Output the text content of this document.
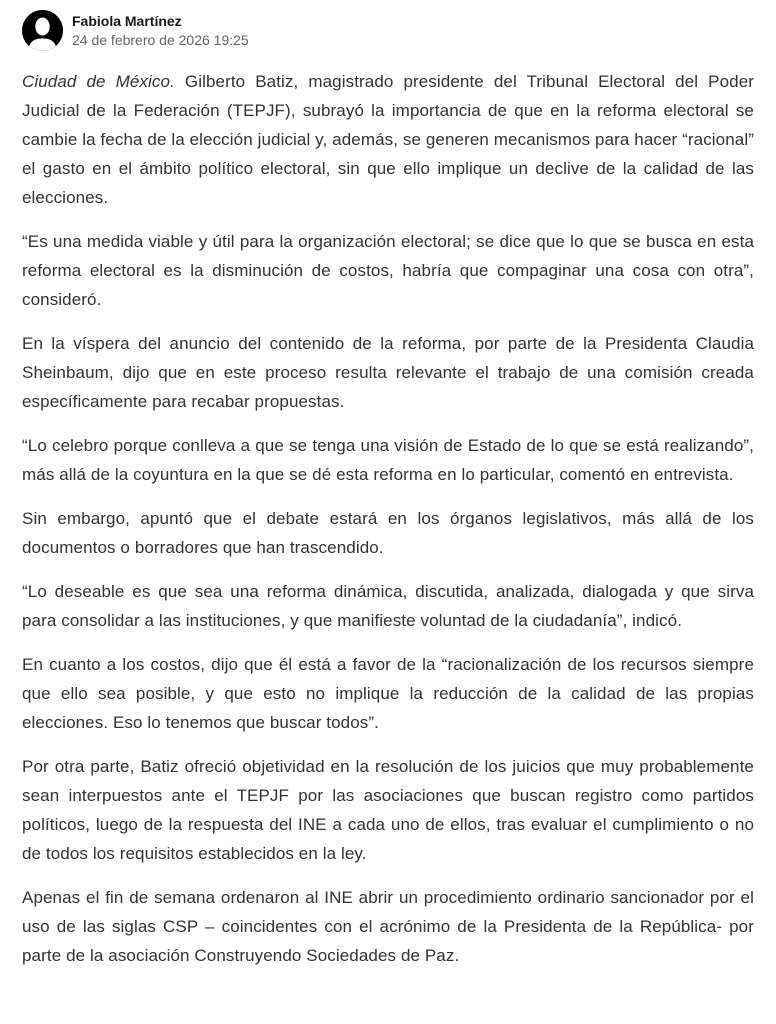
Fabiola Martínez
24 de febrero de 2026 19:25

Ciudad de México. Gilberto Batiz, magistrado presidente del Tribunal Electoral del Poder Judicial de la Federación (TEPJF), subrayó la importancia de que en la reforma electoral se cambie la fecha de la elección judicial y, además, se generen mecanismos para hacer “racional” el gasto en el ámbito político electoral, sin que ello implique un declive de la calidad de las elecciones.

“Es una medida viable y útil para la organización electoral; se dice que lo que se busca en esta reforma electoral es la disminución de costos, habría que compaginar una cosa con otra”, consideró.

En la víspera del anuncio del contenido de la reforma, por parte de la Presidenta Claudia Sheinbaum, dijo que en este proceso resulta relevante el trabajo de una comisión creada específicamente para recabar propuestas.

“Lo celebro porque conlleva a que se tenga una visión de Estado de lo que se está realizando”, más allá de la coyuntura en la que se dé esta reforma en lo particular, comentó en entrevista.

Sin embargo, apuntó que el debate estará en los órganos legislativos, más allá de los documentos o borradores que han trascendido.

“Lo deseable es que sea una reforma dinámica, discutida, analizada, dialogada y que sirva para consolidar a las instituciones, y que manifieste voluntad de la ciudadanía”, indicó.

En cuanto a los costos, dijo que él está a favor de la “racionalización de los recursos siempre que ello sea posible, y que esto no implique la reducción de la calidad de las propias elecciones. Eso lo tenemos que buscar todos”.

Por otra parte, Batiz ofreció objetividad en la resolución de los juicios que muy probablemente sean interpuestos ante el TEPJF por las asociaciones que buscan registro como partidos políticos, luego de la respuesta del INE a cada uno de ellos, tras evaluar el cumplimiento o no de todos los requisitos establecidos en la ley.

Apenas el fin de semana ordenaron al INE abrir un procedimiento ordinario sancionador por el uso de las siglas CSP – coincidentes con el acrónimo de la Presidenta de la República- por parte de la asociación Construyendo Sociedades de Paz.
